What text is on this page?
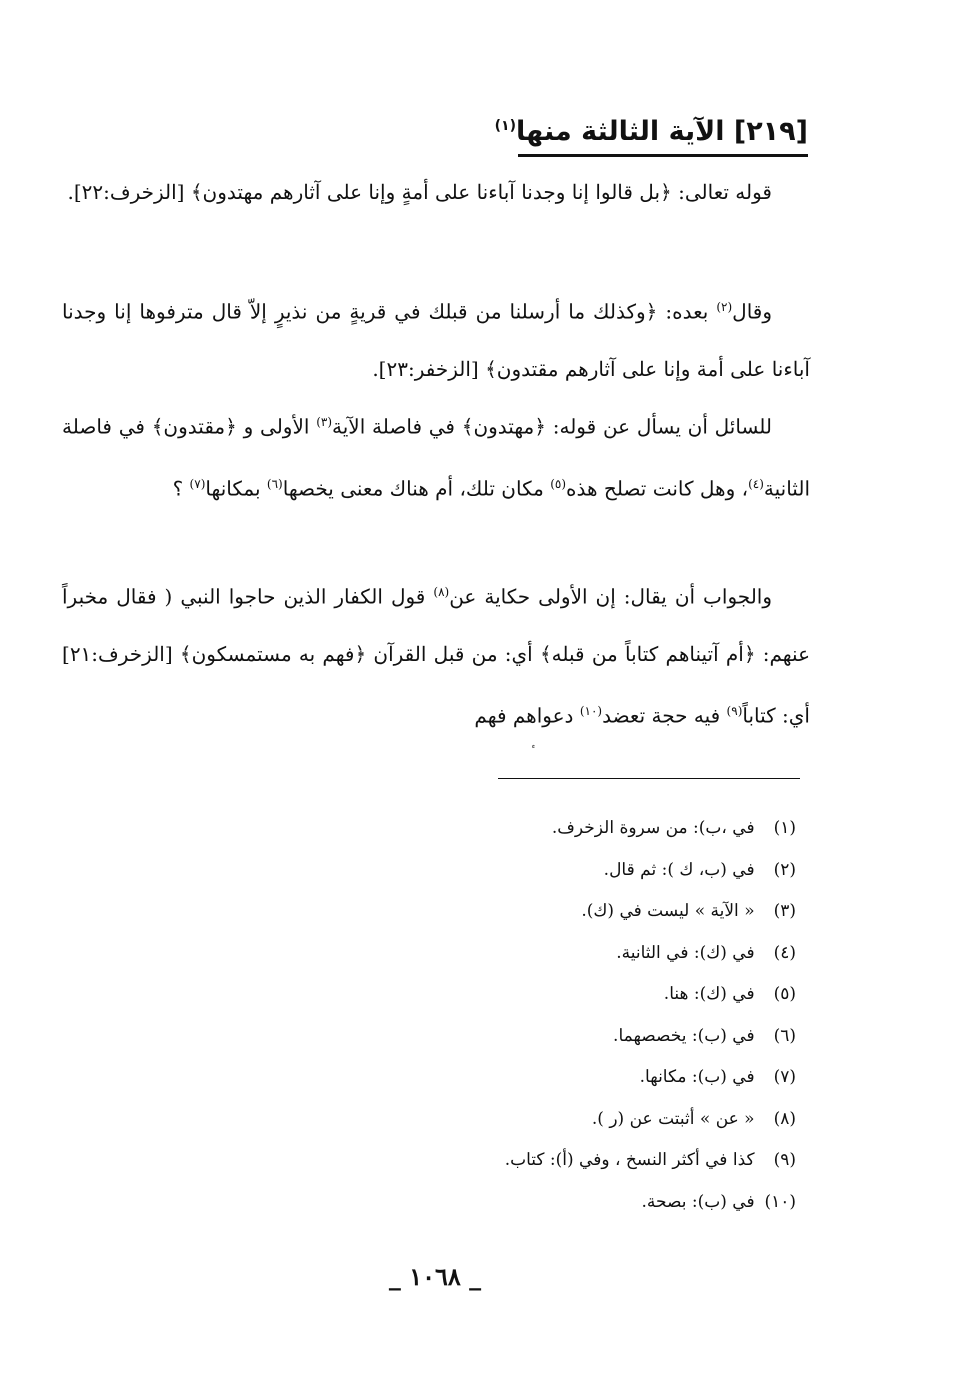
[٢١٩] الآية الثالثة منها$^{(١)}$
قوله تعالى: ﴿بل قالوا إنا وجدنا آباءنا على أمةٍ وإنا على آثارهم مهتدون﴾ [الزخرف:٢٢].
وقال$^{(٢)}$ بعده: ﴿وكذلك ما أرسلنا من قبلك في قريةٍ من نذيرٍ إلاّ قال مترفوها إنا وجدنا آباءنا على أمة وإنا على آثارهم مقتدون﴾ [الزخفر:٢٣].
للسائل أن يسأل عن قوله: ﴿مهتدون﴾ في فاصلة الآية$^{(٣)}$ الأولى و ﴿مقتدون﴾ في فاصلة الثانية$^{(٤)}$، وهل كانت تصلح هذه$^{(٥)}$ مكان تلك، أم هناك معنى يخصها$^{(٦)}$ بمكانها$^{(٧)}$ ؟
والجواب أن يقال: إن الأولى حكاية عن$^{(٨)}$ قول الكفار الذين حاجوا النبي ( فقال مخبراً عنهم: ﴿أم آتيناهم كتاباً من قبله﴾ أي: من قبل القرآن ﴿فهم به مستمسكون﴾ [الزخرف:٢١] أي: كتاباً$^{(٩)}$ فيه حجة تعضد$^{(١٠)}$ دعواهم فهم
(١) في ،ب): من سروة الزخرف.
(٢) في (ب، ك ): ثم قال.
(٣) « الآية » ليست في (ك).
(٤) في (ك): في الثانية.
(٥) في (ك): هنا.
(٦) في (ب): يخصصهما.
(٧) في (ب): مكانها.
(٨) « عن » أثبتت عن (ر ).
(٩) كذا في أكثر النسخ ، وفي (أ): كتاب.
(١٠) في (ب): بصحة.
_ ١٠٦٨ _
